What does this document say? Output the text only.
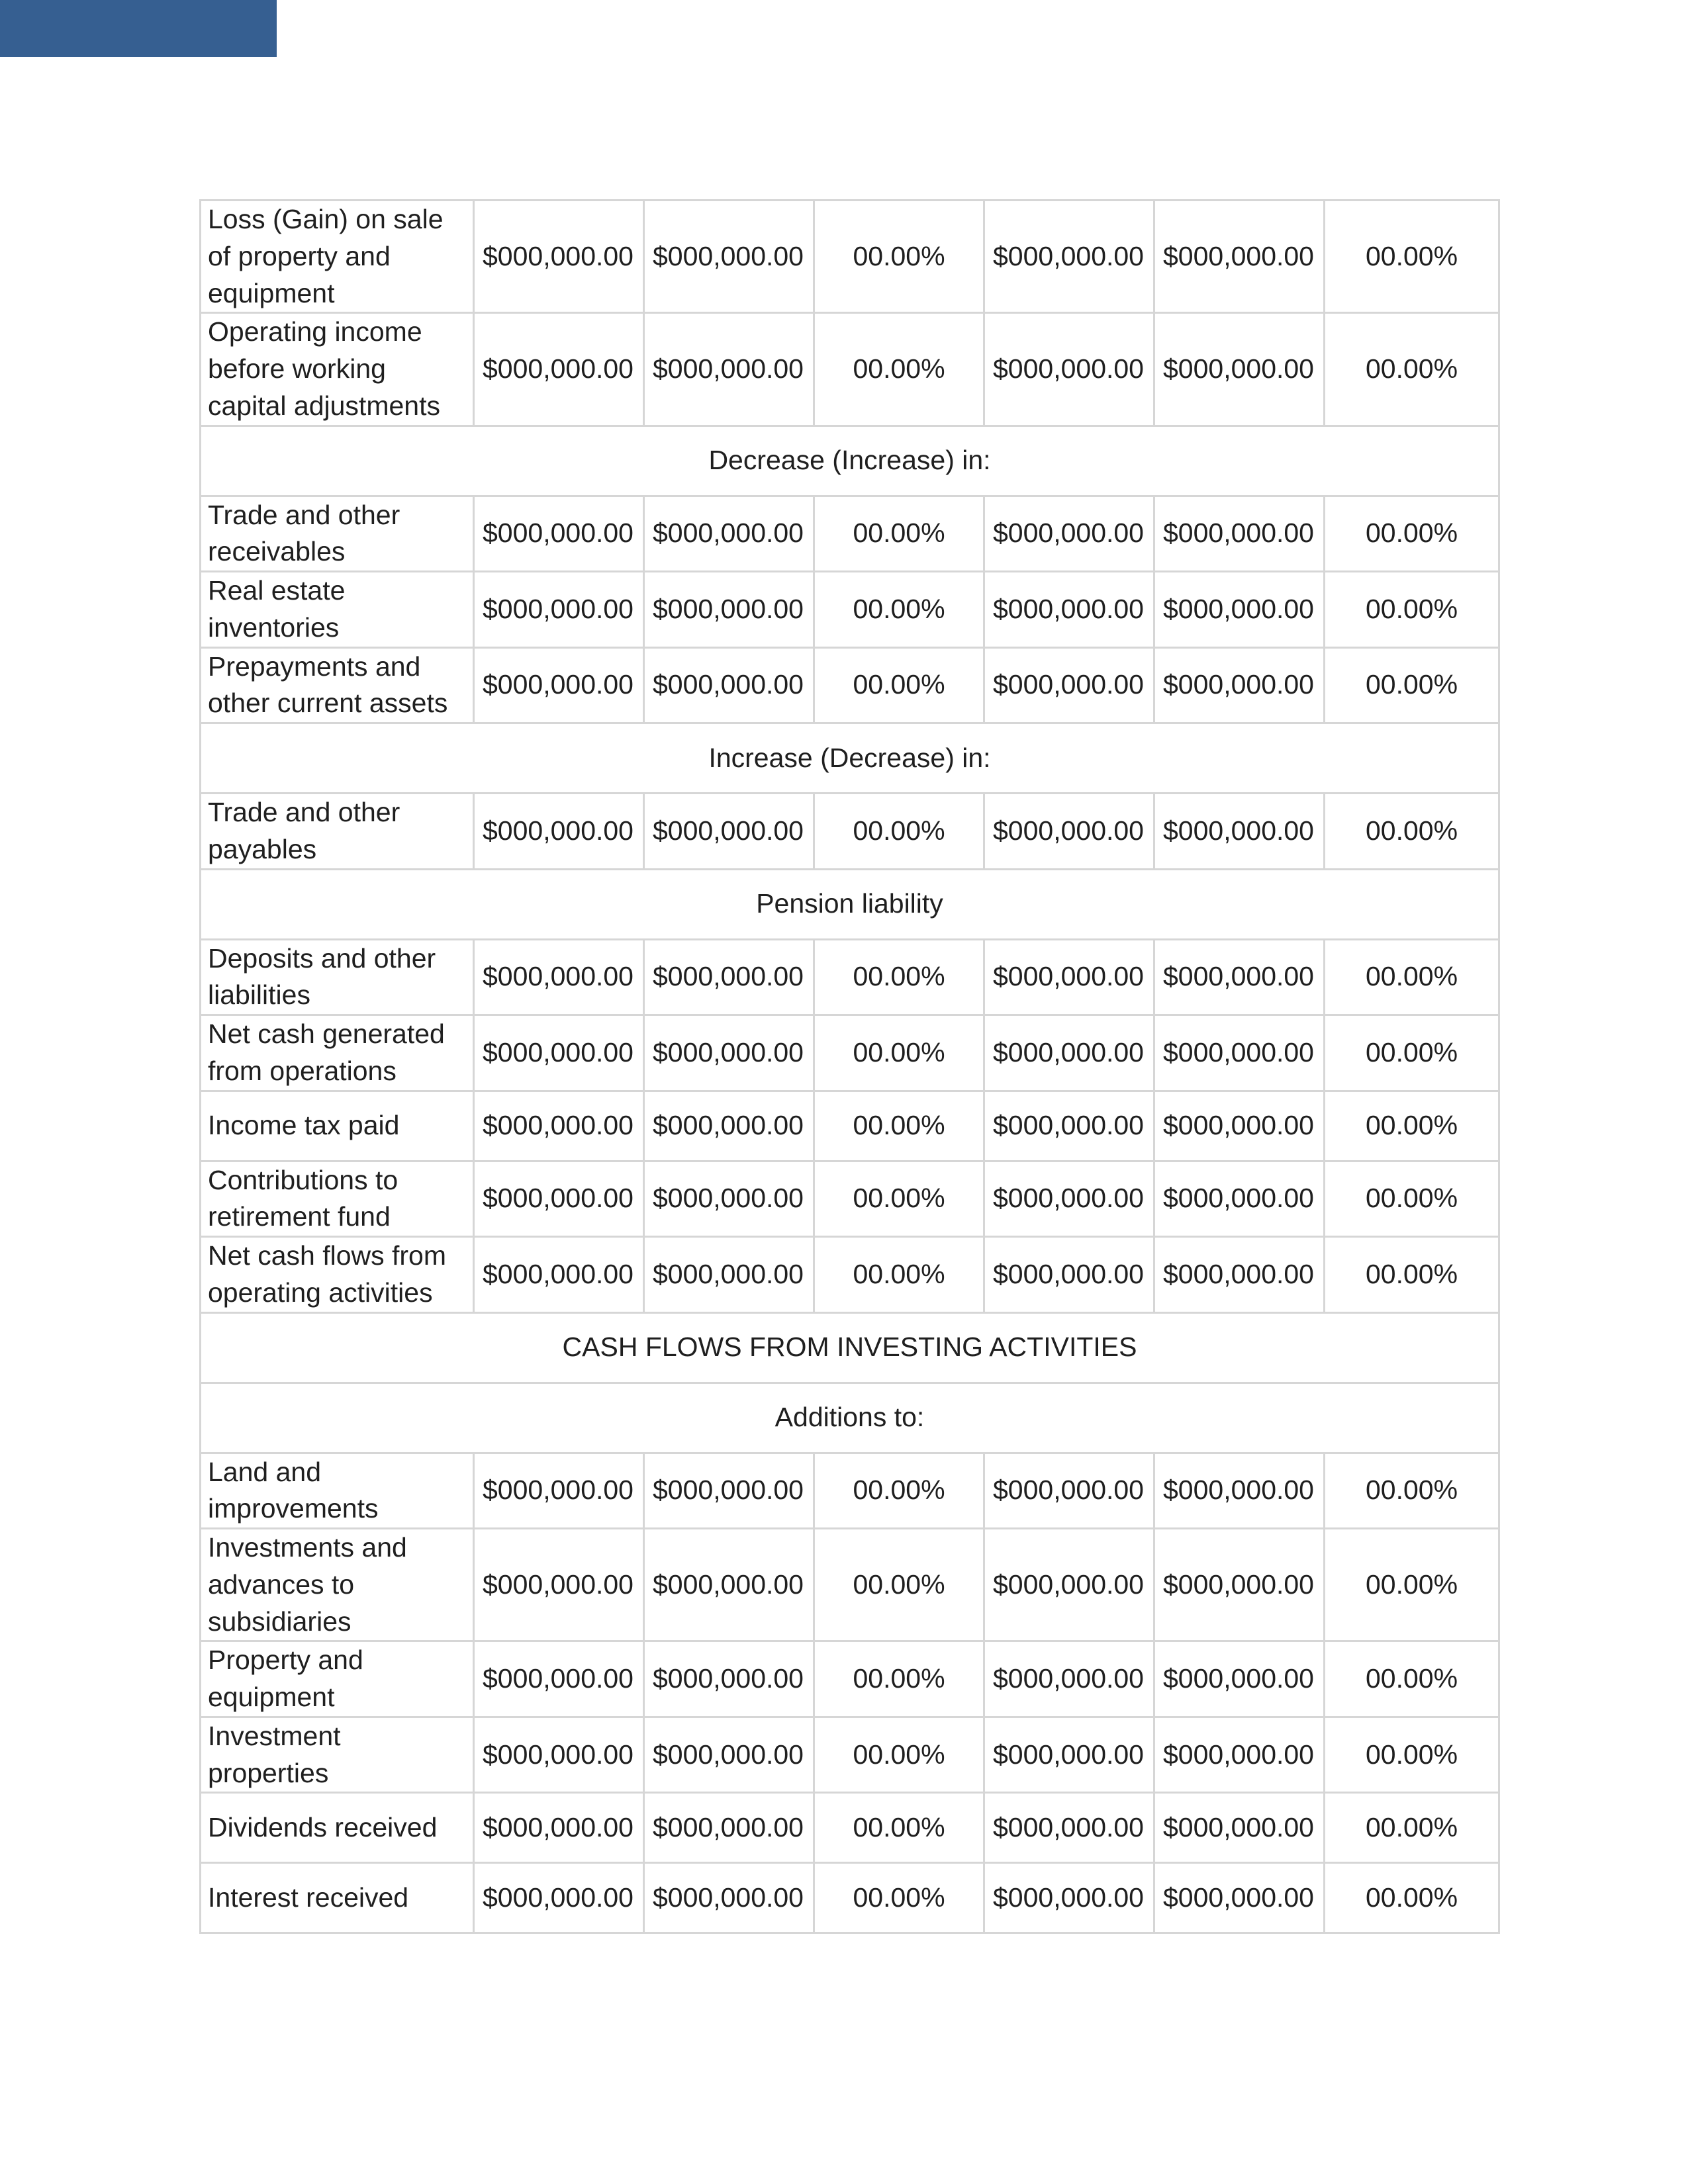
Loss (Gain) on sale of property and equipment	$000,000.00	$000,000.00	00.00%	$000,000.00	$000,000.00	00.00%
Operating income before working capital adjustments	$000,000.00	$000,000.00	00.00%	$000,000.00	$000,000.00	00.00%
Decrease (Increase) in:						
Trade and other receivables	$000,000.00	$000,000.00	00.00%	$000,000.00	$000,000.00	00.00%
Real estate inventories	$000,000.00	$000,000.00	00.00%	$000,000.00	$000,000.00	00.00%
Prepayments and other current assets	$000,000.00	$000,000.00	00.00%	$000,000.00	$000,000.00	00.00%
Increase (Decrease) in:						
Trade and other payables	$000,000.00	$000,000.00	00.00%	$000,000.00	$000,000.00	00.00%
Pension liability						
Deposits and other liabilities	$000,000.00	$000,000.00	00.00%	$000,000.00	$000,000.00	00.00%
Net cash generated from operations	$000,000.00	$000,000.00	00.00%	$000,000.00	$000,000.00	00.00%
Income tax paid	$000,000.00	$000,000.00	00.00%	$000,000.00	$000,000.00	00.00%
Contributions to retirement fund	$000,000.00	$000,000.00	00.00%	$000,000.00	$000,000.00	00.00%
Net cash flows from operating activities	$000,000.00	$000,000.00	00.00%	$000,000.00	$000,000.00	00.00%
CASH FLOWS FROM INVESTING ACTIVITIES						
Additions to:						
Land and improvements	$000,000.00	$000,000.00	00.00%	$000,000.00	$000,000.00	00.00%
Investments and advances to subsidiaries	$000,000.00	$000,000.00	00.00%	$000,000.00	$000,000.00	00.00%
Property and equipment	$000,000.00	$000,000.00	00.00%	$000,000.00	$000,000.00	00.00%
Investment properties	$000,000.00	$000,000.00	00.00%	$000,000.00	$000,000.00	00.00%
Dividends received	$000,000.00	$000,000.00	00.00%	$000,000.00	$000,000.00	00.00%
Interest received	$000,000.00	$000,000.00	00.00%	$000,000.00	$000,000.00	00.00%
